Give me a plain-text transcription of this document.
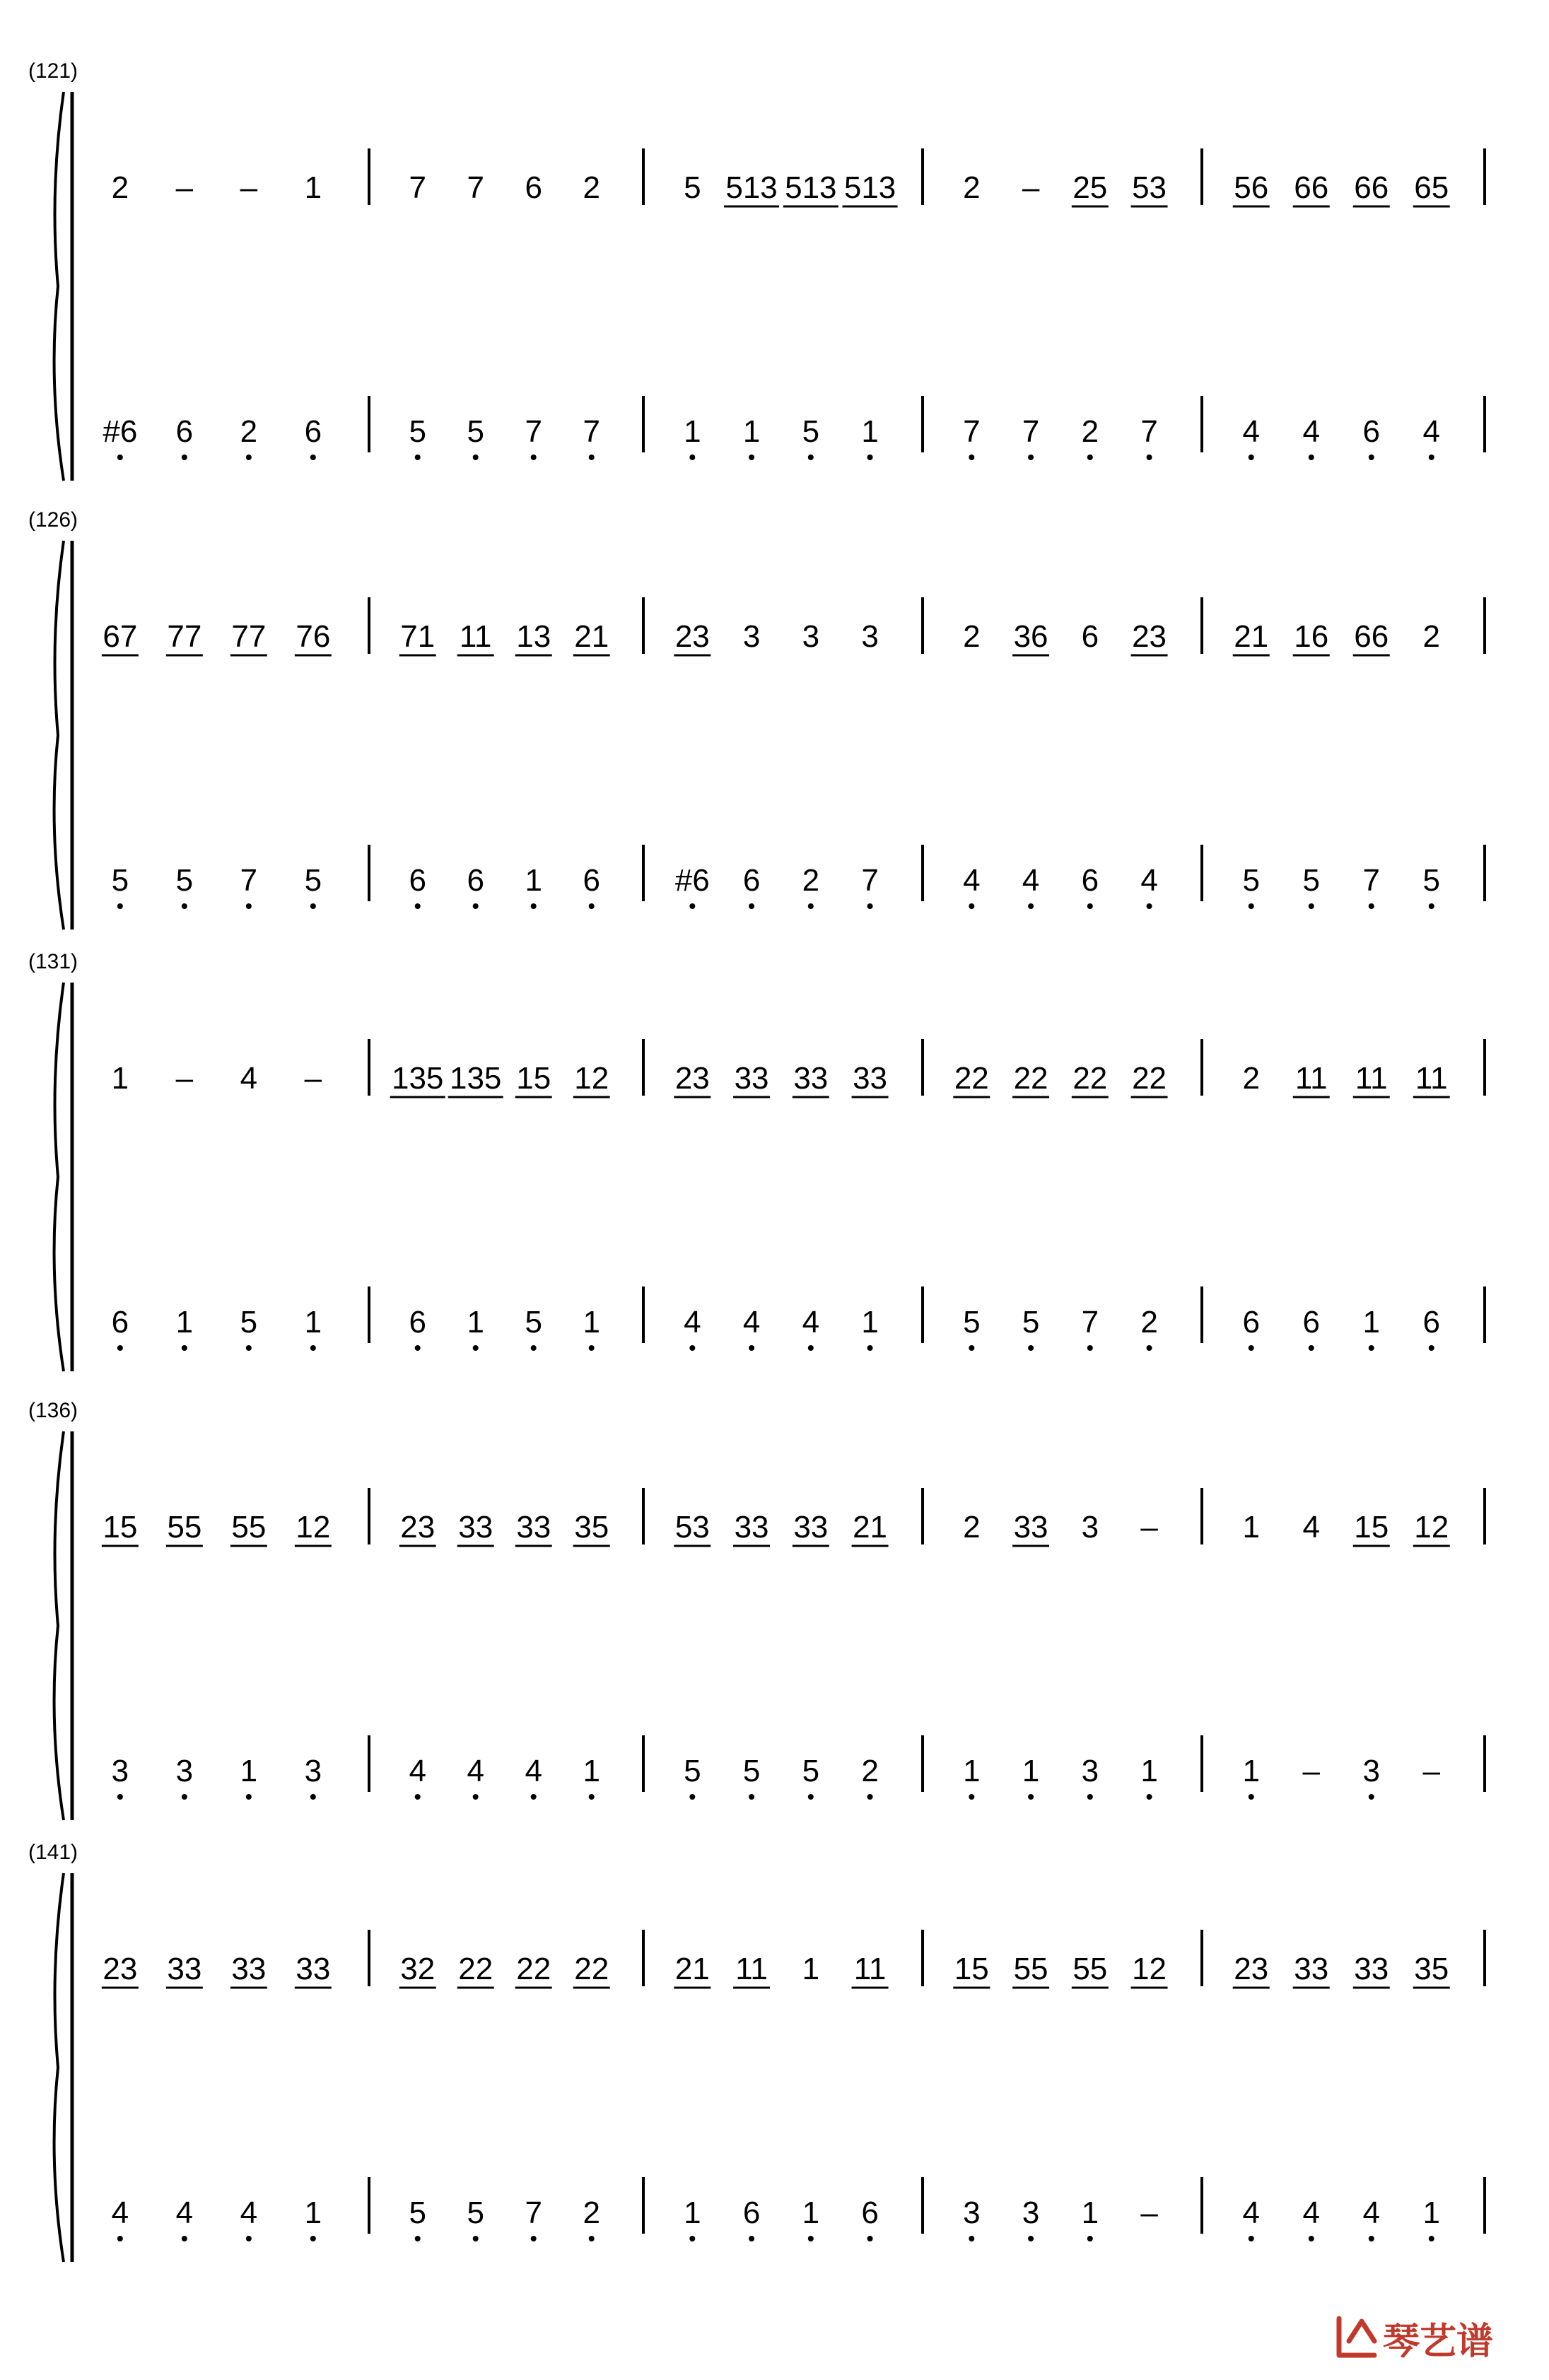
(121)
2 – – 1
#6 6 2 6
7 7 6 2
5 5 7 7
5 513 513 513
1 1 5 1
2 – 25 53
7 7 2 7
56 66 66 65
4 4 6 4
(126)
67 77 77 76
5 5 7 5
71 11 13 21
6 6 1 6
23 3 3 3
#6 6 2 7
2 36 6 23
4 4 6 4
21 16 66 2
5 5 7 5
(131)
1 – 4 –
6 1 5 1
135 135 15 12
6 1 5 1
23 33 33 33
4 4 4 1
22 22 22 22
5 5 7 2
2 11 11 11
6 6 1 6
(136)
15 55 55 12
3 3 1 3
23 33 33 35
4 4 4 1
53 33 33 21
5 5 5 2
2 33 3 –
1 1 3 1
1 4 15 12
1 – 3 –
(141)
23 33 33 33
4 4 4 1
32 22 22 22
5 5 7 2
21 11 1 11
1 6 1 6
15 55 55 12
3 3 1 –
23 33 33 35
4 4 4 1
琴艺谱
